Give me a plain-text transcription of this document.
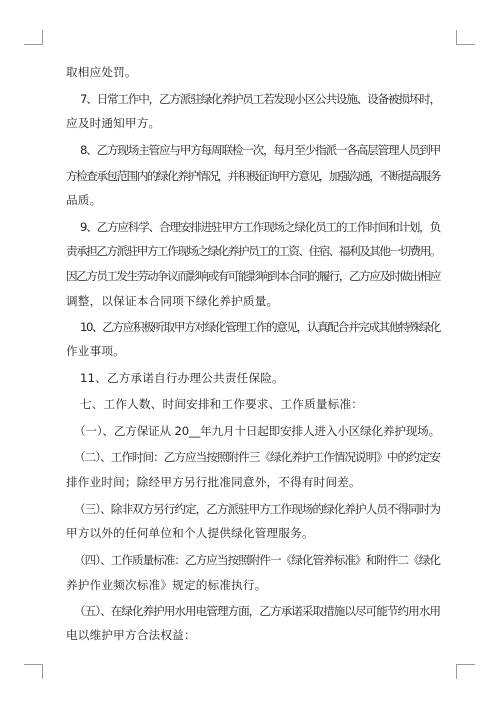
取相应处罚。
7、日常工作中，乙方派驻绿化养护员工若发现小区公共设施、设备被损坏时，
应及时通知甲方。
8、乙方现场主管应与甲方每周联检一次，每月至少指派一各高层管理人员到甲
方检查承包范围内的绿化养护情况，并积极征询甲方意见，加强沟通，不断提高服务
品质。
9、乙方应科学、合理安排进驻甲方工作现场之绿化员工的工作时间和计划，负
责承担乙方派驻甲方工作现场之绿化养护员工的工资、住宿、福利及其他一切费用。
因乙方员工发生劳动争议而影响或有可能影响到本合同的履行，乙方应及时做出相应
调整，以保证本合同项下绿化养护质量。
10、乙方应积极听取甲方对绿化管理工作的意见，认真配合并完成其他特殊绿化
作业事项。
11、乙方承诺自行办理公共责任保险。
七、工作人数、时间安排和工作要求、工作质量标准：
（一）、乙方保证从 20__年九月十日起即安排人进入小区绿化养护现场。
（二）、工作时间：乙方应当按照附件三《绿化养护工作情况说明》中的约定安
排作业时间；除经甲方另行批准同意外，不得有时间差。
（三）、除非双方另行约定，乙方派驻甲方工作现场的绿化养护人员不得同时为
甲方以外的任何单位和个人提供绿化管理服务。
（四）、工作质量标准：乙方应当按照附件一《绿化管养标准》和附件二《绿化
养护作业频次标准》规定的标准执行。
（五）、在绿化养护用水用电管理方面，乙方承诺采取措施以尽可能节约用水用
电以维护甲方合法权益：
